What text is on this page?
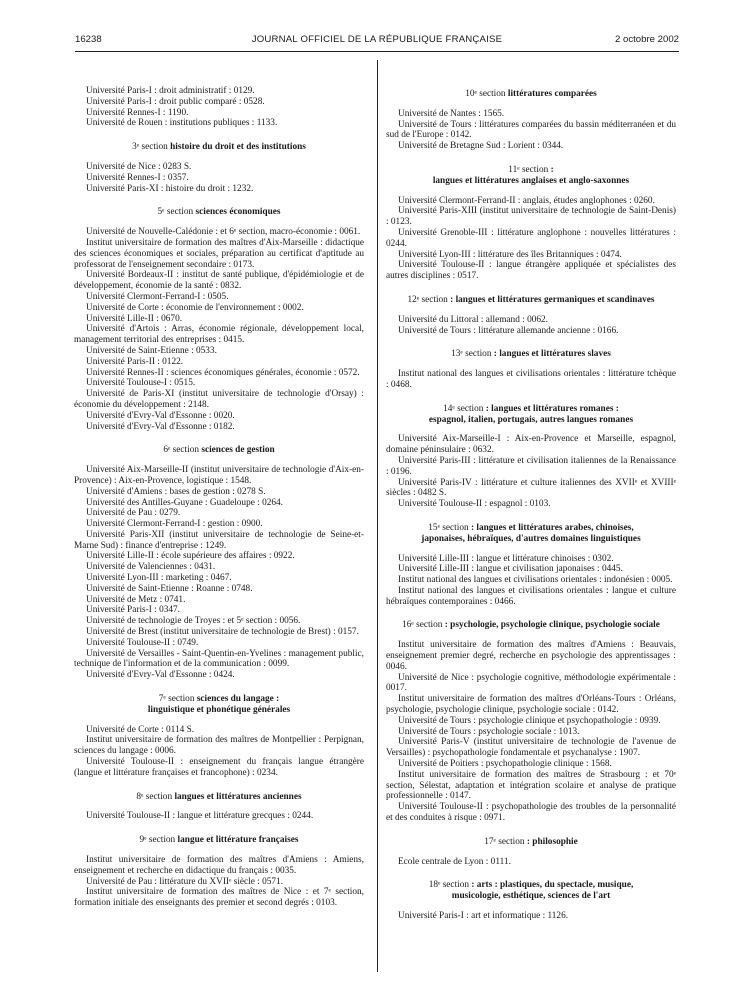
16238	JOURNAL OFFICIEL DE LA RÉPUBLIQUE FRANÇAISE	2 octobre 2002

Université Paris-I : droit administratif : 0129.

Université Paris-I : droit public comparé : 0528.

Université Rennes-I : 1190.

Université de Rouen : institutions publiques : 1133.

3ᵉ section histoire du droit et des institutions

Université de Nice : 0283 S.

Université Rennes-I : 0357.

Université Paris-XI : histoire du droit : 1232.

5ᵉ section sciences économiques

Université de Nouvelle-Calédonie : et 6ᵉ section, macro-économie : 0061.

Institut universitaire de formation des maîtres d'Aix-Marseille : didactique des sciences économiques et sociales, préparation au certificat d'aptitude au professorat de l'enseignement secondaire : 0173.

Université Bordeaux-II : institut de santé publique, d'épidémiologie et de développement, économie de la santé : 0832.

Université Clermont-Ferrand-I : 0505.

Université de Corte : économie de l'environnement : 0002.

Université Lille-II : 0670.

Université d'Artois : Arras, économie régionale, développement local, management territorial des entreprises : 0415.

Université de Saint-Etienne : 0533.

Université Paris-II : 0122.

Université Rennes-II : sciences économiques générales, économie : 0572.

Université Toulouse-I : 0515.

Université de Paris-XI (institut universitaire de technologie d'Orsay) : économie du développement : 2148.

Université d'Evry-Val d'Essonne : 0020.

Université d'Evry-Val d'Essonne : 0182.

6ᵉ section sciences de gestion

Université Aix-Marseille-II (institut universitaire de technologie d'Aix-en-Provence) : Aix-en-Provence, logistique : 1548.

Université d'Amiens : bases de gestion : 0278 S.

Université des Antilles-Guyane : Guadeloupe : 0264.

Université de Pau : 0279.

Université Clermont-Ferrand-I : gestion : 0900.

Université Paris-XII (institut universitaire de technologie de Seine-et-Marne Sud) : finance d'entreprise : 1249.

Université Lille-II : école supérieure des affaires : 0922.

Université de Valenciennes : 0431.

Université Lyon-III : marketing : 0467.

Université de Saint-Etienne : Roanne : 0748.

Université de Metz : 0741.

Université Paris-I : 0347.

Université de technologie de Troyes : et 5ᵉ section : 0056.

Université de Brest (institut universitaire de technologie de Brest) : 0157.

Université Toulouse-II : 0749.

Université de Versailles - Saint-Quentin-en-Yvelines : management public, technique de l'information et de la communication : 0099.

Université d'Evry-Val d'Essonne : 0424.

7ᵉ section sciences du langage :
linguistique et phonétique générales

Université de Corte : 0114 S.

Institut universitaire de formation des maîtres de Montpellier : Perpignan, sciences du langage : 0006.

Université Toulouse-II : enseignement du français langue étrangère (langue et littérature françaises et francophone) : 0234.

8ᵉ section langues et littératures anciennes

Université Toulouse-II : langue et littérature grecques : 0244.

9ᵉ section langue et littérature françaises

Institut universitaire de formation des maîtres d'Amiens : Amiens, enseignement et recherche en didactique du français : 0035.

Université de Pau : littérature du XVIIᵉ siècle : 0571.

Institut universitaire de formation des maîtres de Nice : et 7ᵉ section, formation initiale des enseignants des premier et second degrés : 0103.

10ᵉ section littératures comparées

Université de Nantes : 1565.

Université de Tours : littératures comparées du bassin méditerranéen et du sud de l'Europe : 0142.

Université de Bretagne Sud : Lorient : 0344.

11ᵉ section :
langues et littératures anglaises et anglo-saxonnes

Université Clermont-Ferrand-II : anglais, études anglophones : 0260.

Université Paris-XIII (institut universitaire de technologie de Saint-Denis) : 0123.

Université Grenoble-III : littérature anglophone : nouvelles littératures : 0244.

Université Lyon-III : littérature des îles Britanniques : 0474.

Université Toulouse-II : langue étrangère appliquée et spécialistes des autres disciplines : 0517.

12ᵉ section : langues et littératures germaniques et scandinaves

Université du Littoral : allemand : 0062.

Université de Tours : littérature allemande ancienne : 0166.

13ᵉ section : langues et littératures slaves

Institut national des langues et civilisations orientales : littérature tchèque : 0468.

14ᵉ section : langues et littératures romanes :
espagnol, italien, portugais, autres langues romanes

Université Aix-Marseille-I : Aix-en-Provence et Marseille, espagnol, domaine péninsulaire : 0632.

Université Paris-III : littérature et civilisation italiennes de la Renaissance : 0196.

Université Paris-IV : littérature et culture italiennes des XVIIᵉ et XVIIIᵉ siècles : 0482 S.

Université Toulouse-II : espagnol : 0103.

15ᵉ section : langues et littératures arabes, chinoises,
japonaises, hébraïques, d'autres domaines linguistiques

Université Lille-III : langue et littérature chinoises : 0302.

Université Lille-III : langue et civilisation japonaises : 0445.

Institut national des langues et civilisations orientales : indonésien : 0005.

Institut national des langues et civilisations orientales : langue et culture hébraïques contemporaines : 0466.

16ᵉ section : psychologie, psychologie clinique, psychologie sociale

Institut universitaire de formation des maîtres d'Amiens : Beauvais, enseignement premier degré, recherche en psychologie des apprentissages : 0046.

Université de Nice : psychologie cognitive, méthodologie expérimentale : 0017.

Institut universitaire de formation des maîtres d'Orléans-Tours : Orléans, psychologie, psychologie clinique, psychologie sociale : 0142.

Université de Tours : psychologie clinique et psychopathologie : 0939.

Université de Tours : psychologie sociale : 1013.

Université Paris-V (institut universitaire de technologie de l'avenue de Versailles) : psychopathologie fondamentale et psychanalyse : 1907.

Université de Poitiers : psychopathologie clinique : 1568.

Institut universitaire de formation des maîtres de Strasbourg : et 70ᵉ section, Sélestat, adaptation et intégration scolaire et analyse de pratique professionnelle : 0147.

Université Toulouse-II : psychopathologie des troubles de la personnalité et des conduites à risque : 0971.

17ᵉ section : philosophie

Ecole centrale de Lyon : 0111.

18ᵉ section : arts : plastiques, du spectacle, musique,
musicologie, esthétique, sciences de l'art

Université Paris-I : art et informatique : 1126.
